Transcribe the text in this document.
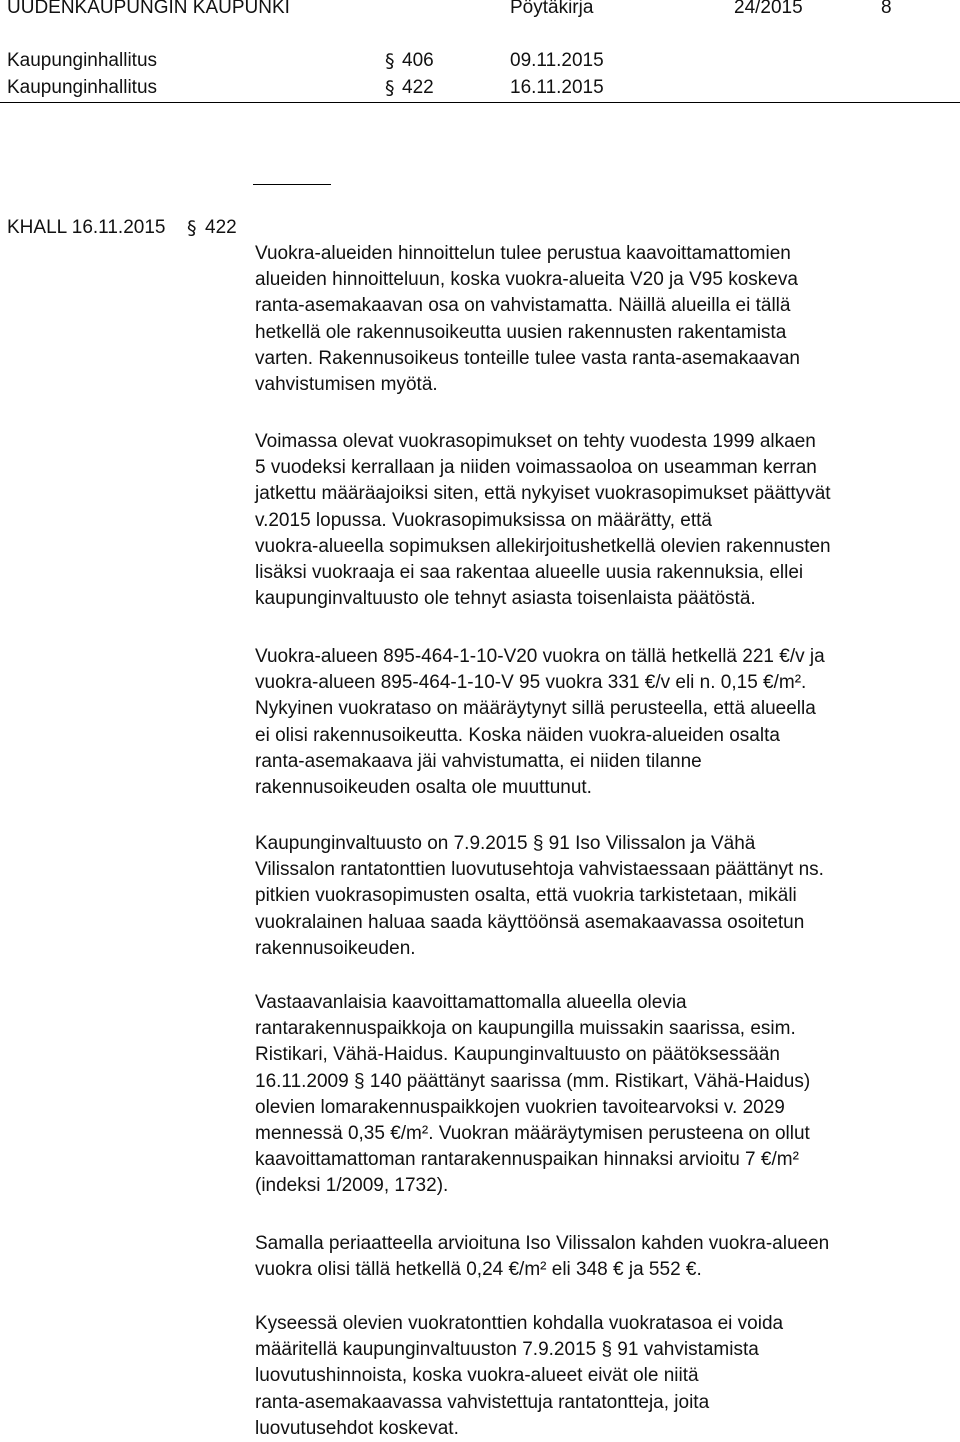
UUDENKAUPUNGIN KAUPUNKI	Pöytäkirja	24/2015	8
Kaupunginhallitus	§ 406	09.11.2015
Kaupunginhallitus	§ 422	16.11.2015
KHALL 16.11.2015 § 422

Vuokra-alueiden hinnoittelun tulee perustua kaavoittamattomien

alueiden hinnoitteluun, koska vuokra-alueita V20 ja V95 koskeva

ranta-asemakaavan osa on vahvistamatta. Näillä alueilla ei tällä

hetkellä ole rakennusoikeutta uusien rakennusten rakentamista

varten. Rakennusoikeus tonteille tulee vasta ranta-asemakaavan

vahvistumisen myötä.

Voimassa olevat vuokrasopimukset on tehty vuodesta 1999 alkaen

5 vuodeksi kerrallaan ja niiden voimassaoloa on useamman kerran

jatkettu määräajoiksi siten, että nykyiset vuokrasopimukset päättyvät

v.2015 lopussa. Vuokrasopimuksissa on määrätty, että

vuokra-alueella sopimuksen allekirjoitushetkellä olevien rakennusten

lisäksi vuokraaja ei saa rakentaa alueelle uusia rakennuksia, ellei

kaupunginvaltuusto ole tehnyt asiasta toisenlaista päätöstä.

Vuokra-alueen 895-464-1-10-V20 vuokra on tällä hetkellä 221 €/v ja

vuokra-alueen 895-464-1-10-V 95 vuokra 331 €/v eli n. 0,15 €/m².

Nykyinen vuokrataso on määräytynyt sillä perusteella, että alueella

ei olisi rakennusoikeutta. Koska näiden vuokra-alueiden osalta

ranta-asemakaava jäi vahvistumatta, ei niiden tilanne

rakennusoikeuden osalta ole muuttunut.

Kaupunginvaltuusto on 7.9.2015 § 91 Iso Vilissalon ja Vähä

Vilissalon rantatonttien luovutusehtoja vahvistaessaan päättänyt ns.

pitkien vuokrasopimusten osalta, että vuokria tarkistetaan, mikäli

vuokralainen haluaa saada käyttöönsä asemakaavassa osoitetun

rakennusoikeuden.

Vastaavanlaisia kaavoittamattomalla alueella olevia

rantarakennuspaikkoja on kaupungilla muissakin saarissa, esim.

Ristikari, Vähä-Haidus. Kaupunginvaltuusto on päätöksessään

16.11.2009 § 140 päättänyt saarissa (mm. Ristikart, Vähä-Haidus)

olevien lomarakennuspaikkojen vuokrien tavoitearvoksi v. 2029

mennessä 0,35 €/m². Vuokran määräytymisen perusteena on ollut

kaavoittamattoman rantarakennuspaikan hinnaksi arvioitu 7 €/m²

(indeksi 1/2009, 1732).

Samalla periaatteella arvioituna Iso Vilissalon kahden vuokra-alueen

vuokra olisi tällä hetkellä 0,24 €/m² eli 348 € ja 552 €.

Kyseessä olevien vuokratonttien kohdalla vuokratasoa ei voida

määritellä kaupunginvaltuuston 7.9.2015 § 91 vahvistamista

luovutushinnoista, koska vuokra-alueet eivät ole niitä

ranta-asemakaavassa vahvistettuja rantatontteja, joita

luovutusehdot koskevat.
